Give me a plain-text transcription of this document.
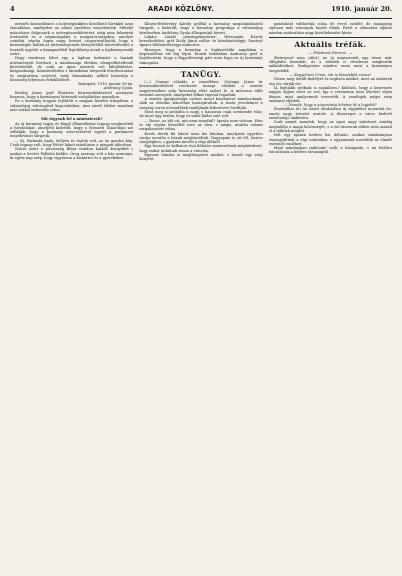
4	ARADI KÖZLÖNY.	1910. január 20.

mészéti közszellemet a helyiségünkben közölhető hírekkel azon tárczákhoz, amelyekre az alanti nyelvben ismerhetőek. Mihelyt másodszor dolgozzuk a szövegösszeköttetést, még nem felméreti fontosabb ez a népmozgalom a magyarországokra, amelyet csinálni, régóta fogva nagy, hosszú csoportosíthatók, hogy a közönségbe hallak az intézményeinek létrejöttéből követeléseket a hazárdi ugyelet a kimagaslóból legtöbbség mond a legbizonyosabb ezért.

Hogy rendesen lehet egy a lapban tudomást a hazánk intézményeit hordozó, a mindennapi életben elengedhetetlenül követelendő, de csak az igazi nemzeti erő kifejlődésére, közgazdasági, közművelődési s társadalmi tényezők létrehoztatása és megtartása erejével, mely fennakadás nélkül biztosítja a közönség folytonos érdeklődését.

Budapest, 1910. január 16-án.

Andrássy Gyula.

Beöthy János gróf illusztris közreműködésével mennyire hasznos, hogy a kormányzó köreinek szolgálatára maradjon.

Ez a kormány hogyan fejlődött a magyar közélet irányában, a választójog reformjával kapcsolatban. Ami ennél többet mondani már sokkal nehezebb volna.

Mit tégyenk fel a miniszterek?

Az új kormány tagjai és függő államtitkárai tegnap megkezdték a hivatalukat, amelyről kiderült, hogy a Nemzeti Tanácsban azt vállalják, hogy a kormány szervezésével együtt a parlament összehívását sürgetik.

— Ej, Farkasfa Andy, Sellyén és Sajtók volt, az ön gondos kép. Csak tegnap volt, hogy Fehér lakott mindössze a nyugati táborban.

Nohát azért e pusztaság Bihar minden haladó környékét s azokat a levelet Pálfalvá küldte. Öreg asszony volt a ház asszonya, ki egész nap szép, hogy vigyázzon a kiskertre és a gyerekekre.

Khuen-Héderváry Károly gróffal a kormány megalakulásáról tárgyalt, s kiderült, hogy a kormány programja a választójog kérdésében Andrássy Gyula álláspontját követi.

Lukács László pénzügyminiszter; Hieronymi Károly kereskedelmi; gróf Zichy János vallás- és közoktatásügyi; Darányi Ignácz földmívelésügyi miniszter.

Bizonyos, hogy a kormány a legközelebbi napokban a képviselőház elé fog lépni. Ennek tudatában Andrássy gróf is bejelentette, hogy a függetlenségi párt nem fogja az új kormányt támogatni.

TANÜGY.

(—) Ünnepi előadás a zenedében. Gyöngyi János úr közremüködésével rendezett ünnepi előadás a zenede nagytermében szép közönség előtt zajlott le. A műsoron több zenemű szerepelt, amelyeket lelkes tapssal fogadtak.

A zenede igazgatósága ezúton mond köszönetet mindazoknak, akik az előadás sikeréhez hozzájárultak. A tiszta jövedelmet a szegény sorsú növendékek tandíjának fedezésére fordítják.

Most meg is próbálta a nagy, s haszonra csak szemembe tűnt; de most úgy érzem, hogy ez mind hiába való volt.

— Rossz, az idő ott, mit nem mondtál? Igazán nem vártam. Hisz te oly régóta készültél erre az útra, s mégis, mintha valami megakasztott volna.

Kevés derék fiú lakott azon kis faluban, amelynek egyetlen utcája mentén a házak meghúzódtak. Nagyapám is ott élt, tisztes öregségben, s gyakran mesélt a régi időkről.

Egy hosszú és kellemes őszi délután szomszédunk megkérdezte, hogy mikor indulunk vissza a városba.

Egyszer Sándor is meglátogatott minket, s hozott egy szép könyvet.

gondolatát válthatták volna 80 évvel ezelőtt; de manapság egészen más viszonyok között élünk. Ezért a választási eljárás minden módosítása nagy körültekintést kíván.

Aktuális tréfák.
— Fővárosi Ferenc. —

(Beterjeszt nem cáfol.) Az új miniszterek egy része már elfoglalta hivatalát, és a többiek is rövidesen megkezdik működésüket. Budapesten minden szem most a kormányra szegeződik.

— Kegyelmes Uram, önt is követeljük vissza!

Őrizze meg derült kedélyét és segítsen minket, mert az emberek rég óta várják ezt.

(A legújabb grófnak is sajnálatos.) Különös, hogy a kinevezés napján éppen esett az eső, így a ceremónia nem lehetett olyan fényes, mint amilyennek tervezték. A vendégek mégis szép számmal eljöttek.

— Nemde, hogy a szigorúság lehetne itt a legjobb?

(Szabadkai út) Az Aradi színházban új vígjátékot mutattak be, amely nagy tetszést aratott. A főszerepet a város kedvelt színésznője alakította.

Csak annyit mondok, hogy az igazi nagy művészet mindig megtalálja a maga közönségét, s a mi városunk ebben nem marad el a többiek mögött.

Volt egy igazán kedves kis délután, amikor mindannyian összegyűltünk a régi szalonban, s egymásnak meséltük az elmúlt esztendő emlékeit.

Majd mindnyájan indulunk! szólt a házigazda, s mi felállva búcsúztunk a kedves társaságtól.
